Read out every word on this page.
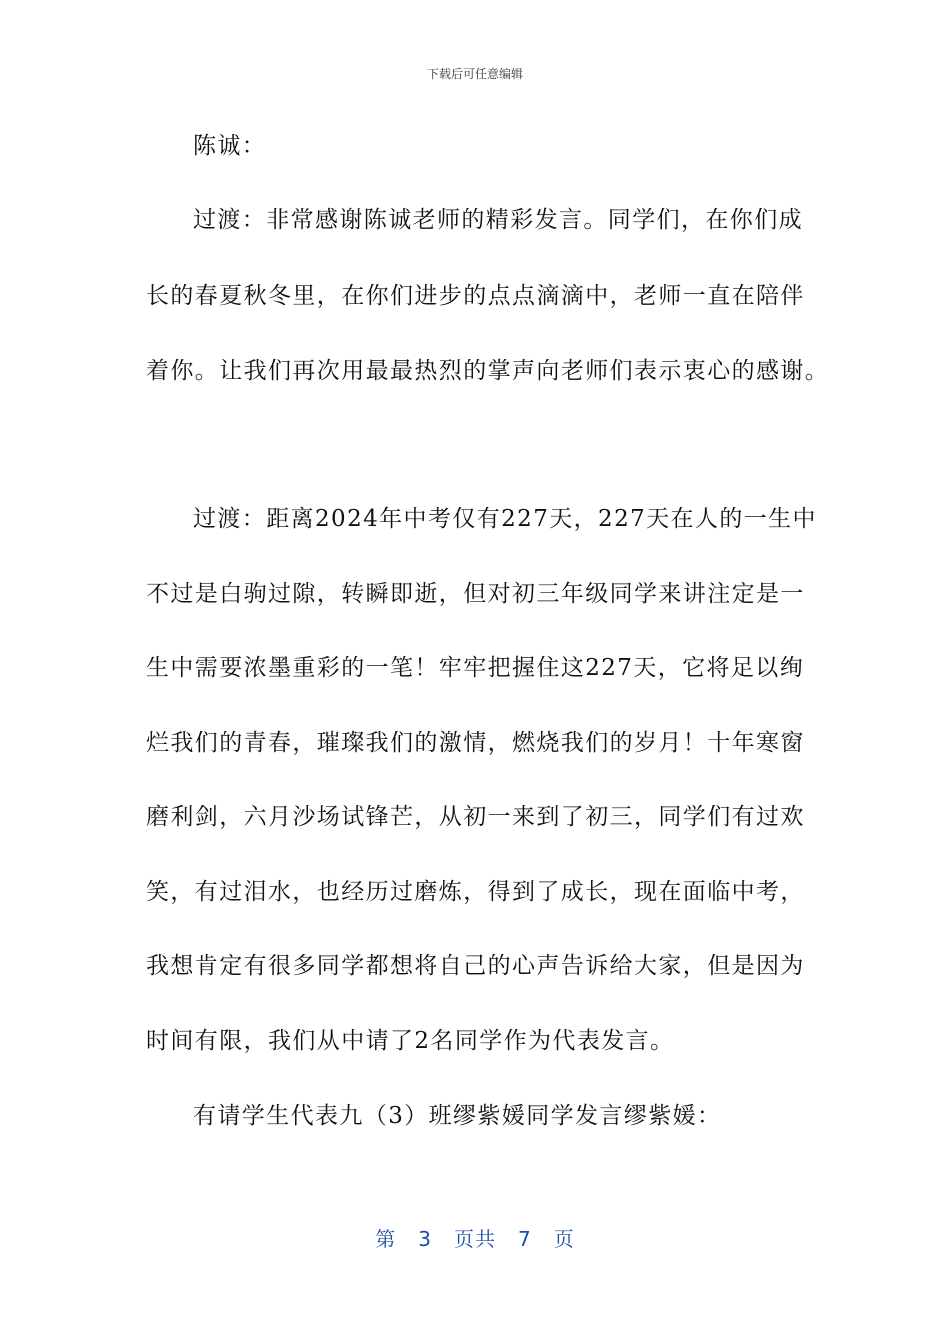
下载后可任意编辑
陈诚：
过渡：非常感谢陈诚老师的精彩发言。同学们，在你们成
长的春夏秋冬里，在你们进步的点点滴滴中，老师一直在陪伴
着你。让我们再次用最最热烈的掌声向老师们表示衷心的感谢。
过渡：距离2024年中考仅有227天，227天在人的一生中
不过是白驹过隙，转瞬即逝，但对初三年级同学来讲注定是一
生中需要浓墨重彩的一笔！牢牢把握住这227天，它将足以绚
烂我们的青春，璀璨我们的激情，燃烧我们的岁月！十年寒窗
磨利剑，六月沙场试锋芒，从初一来到了初三，同学们有过欢
笑，有过泪水，也经历过磨炼，得到了成长，现在面临中考，
我想肯定有很多同学都想将自己的心声告诉给大家，但是因为
时间有限，我们从中请了2名同学作为代表发言。
有请学生代表九（3）班缪紫媛同学发言缪紫媛：
第 3 页共 7 页
